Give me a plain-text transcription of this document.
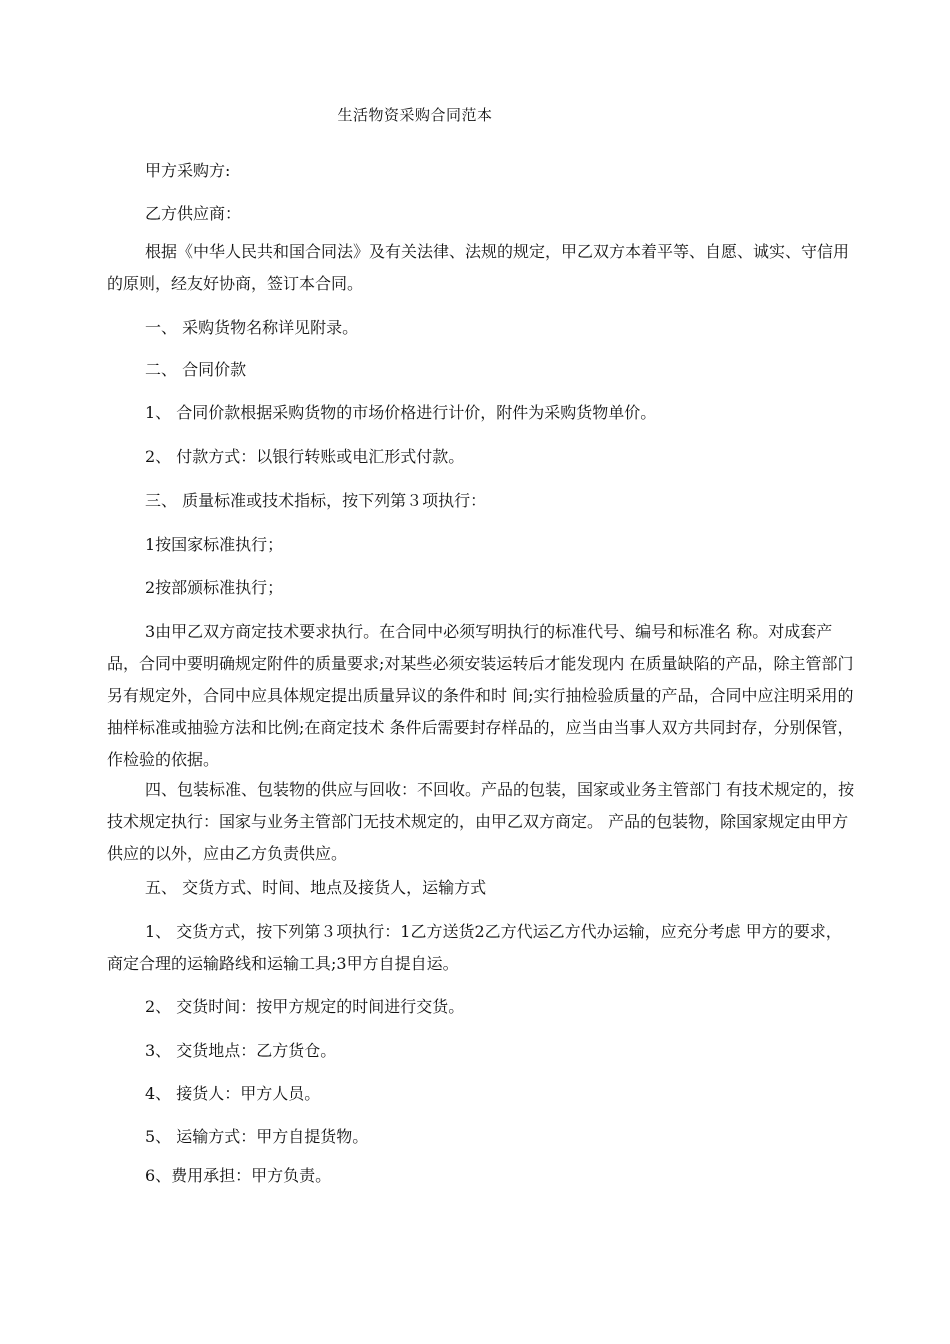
生活物资采购合同范本

甲方采购方:

乙方供应商：

根据《中华人民共和国合同法》及有关法律、法规的规定，甲乙双方本着平等、自愿、诚实、守信用的原则，经友好协商，签订本合同。

一、 采购货物名称详见附录。

二、 合同价款

1、 合同价款根据采购货物的市场价格进行计价，附件为采购货物单价。

2、 付款方式：以银行转账或电汇形式付款。

三、 质量标准或技术指标，按下列第３项执行：

1按国家标准执行；

2按部颁标准执行；

3由甲乙双方商定技术要求执行。在合同中必须写明执行的标准代号、编号和标准名 称。对成套产品，合同中要明确规定附件的质量要求;对某些必须安装运转后才能发现内 在质量缺陷的产品，除主管部门另有规定外，合同中应具体规定提出质量异议的条件和时 间;实行抽检验质量的产品，合同中应注明采用的抽样标准或抽验方法和比例;在商定技术 条件后需要封存样品的，应当由当事人双方共同封存，分别保管，作检验的依据。

四、包装标准、包装物的供应与回收：不回收。产品的包装，国家或业务主管部门 有技术规定的，按技术规定执行：国家与业务主管部门无技术规定的，由甲乙双方商定。 产品的包装物，除国家规定由甲方供应的以外，应由乙方负责供应。

五、 交货方式、时间、地点及接货人，运输方式

1、 交货方式，按下列第３项执行：1乙方送货2乙方代运乙方代办运输，应充分考虑 甲方的要求，商定合理的运输路线和运输工具;3甲方自提自运。

2、 交货时间：按甲方规定的时间进行交货。

3、 交货地点：乙方货仓。

4、 接货人：甲方人员。

5、 运输方式：甲方自提货物。

6、费用承担：甲方负责。
